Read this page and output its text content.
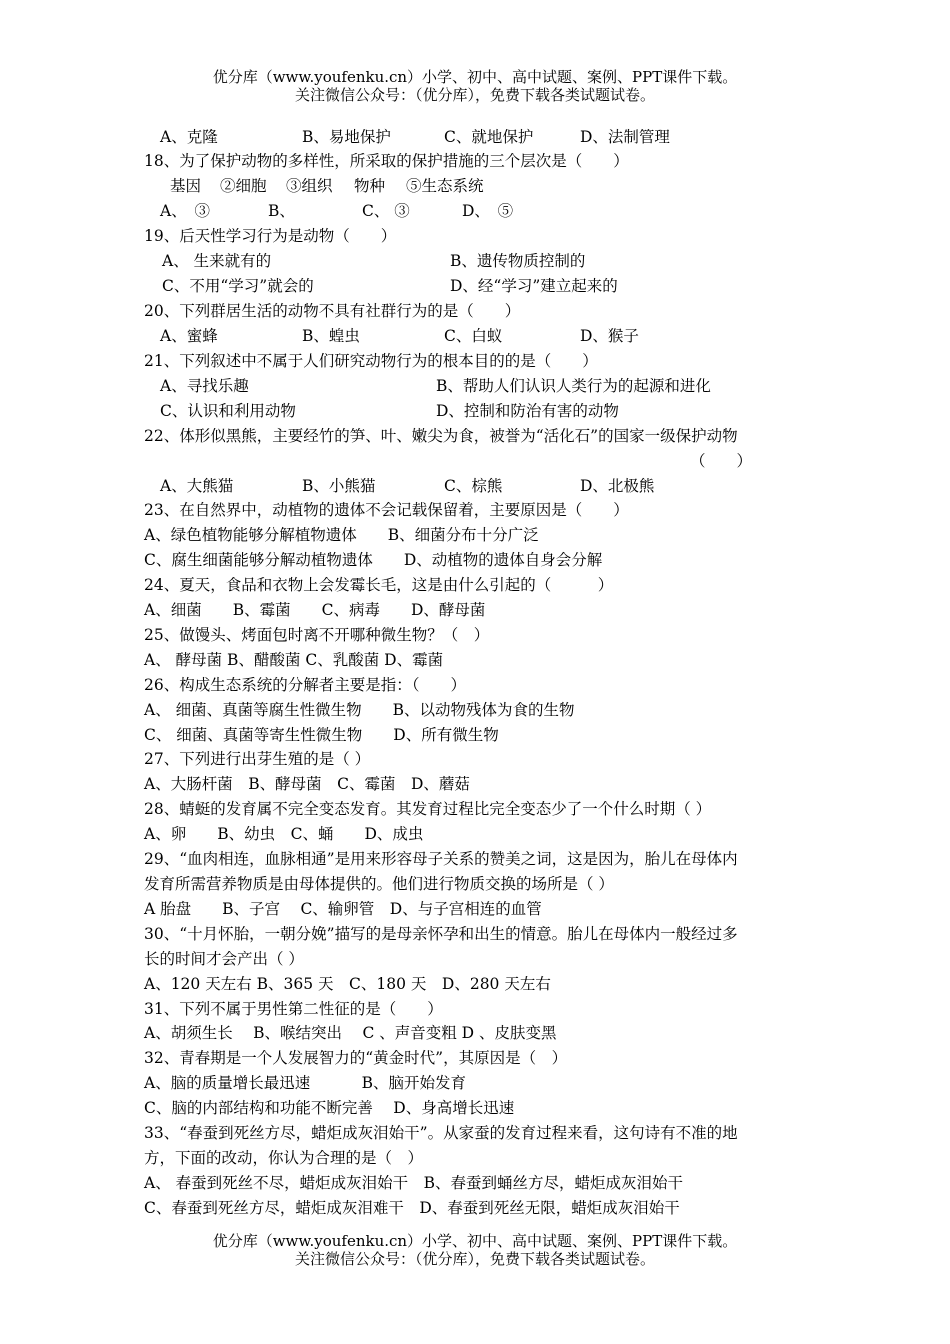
优分库（www.youfenku.cn）小学、初中、高中试题、案例、PPT课件下载。
关注微信公众号：（优分库），免费下载各类试题试卷。
A、克隆	B、易地保护	C、就地保护	D、法制管理
18、为了保护动物的多样性，所采取的保护措施的三个层次是（　　）
基因 ②细胞 ③组织 物种 ⑤生态系统
A、　③	B、	C、 ③	D、　⑤
19、后天性学习行为是动物（　　）
A、 生来就有的	B、遗传物质控制的
C、不用“学习”就会的	D、经“学习”建立起来的
20、下列群居生活的动物不具有社群行为的是（　　）
A、蜜蜂	B、蝗虫	C、白蚁	D、猴子
21、下列叙述中不属于人们研究动物行为的根本目的的是（　　）
A、寻找乐趣	B、帮助人们认识人类行为的起源和进化
C、认识和利用动物	D、控制和防治有害的动物
22、体形似黑熊，主要经竹的笋、叶、嫩尖为食，被誉为“活化石”的国家一级保护动物
（　　）
A、大熊猫	B、小熊猫	C、棕熊	D、北极熊
23、在自然界中，动植物的遗体不会记载保留着，主要原因是（　　）
A、绿色植物能够分解植物遗体　　B、细菌分布十分广泛
C、腐生细菌能够分解动植物遗体　　D、动植物的遗体自身会分解
24、夏天，食品和衣物上会发霉长毛，这是由什么引起的（　　　）
A、细菌　　B、霉菌　　C、病毒　　D、酵母菌
25、做馒头、烤面包时离不开哪种微生物？（　）
A、 酵母菌 B、醋酸菌 C、乳酸菌 D、霉菌
26、构成生态系统的分解者主要是指：（　　）
A、 细菌、真菌等腐生性微生物　　B、以动物残体为食的生物
C、 细菌、真菌等寄生性微生物　　D、所有微生物
27、下列进行出芽生殖的是（ ）
A、大肠杆菌　B、酵母菌　C、霉菌　D、蘑菇
28、蜻蜓的发育属不完全变态发育。其发育过程比完全变态少了一个什么时期（ ）
A、卵　　B、幼虫　C、蛹　　D、成虫
29、“血肉相连，血脉相通”是用来形容母子关系的赞美之词，这是因为，胎儿在母体内
发育所需营养物质是由母体提供的。他们进行物质交换的场所是（ ）
A 胎盘　　B、子宫　 C、输卵管　D、与子宫相连的血管
30、“十月怀胎，一朝分娩”描写的是母亲怀孕和出生的情意。胎儿在母体内一般经过多
长的时间才会产出（ ）
A、120 天左右 B、365 天　C、180 天　D、280 天左右
31、下列不属于男性第二性征的是（　　）
A、胡须生长　 B、喉结突出　 C 、声音变粗 D 、皮肤变黑
32、青春期是一个人发展智力的“黄金时代”，其原因是（　）
A、脑的质量增长最迅速　　　 B、脑开始发育
C、脑的内部结构和功能不断完善　 D、身高增长迅速
33、“春蚕到死丝方尽，蜡炬成灰泪始干”。从家蚕的发育过程来看，这句诗有不准的地
方，下面的改动，你认为合理的是（　）
A、 春蚕到死丝不尽，蜡炬成灰泪始干　B、春蚕到蛹丝方尽，蜡炬成灰泪始干
C、春蚕到死丝方尽，蜡炬成灰泪难干　D、春蚕到死丝无限，蜡炬成灰泪始干
优分库（www.youfenku.cn）小学、初中、高中试题、案例、PPT课件下载。
关注微信公众号：（优分库），免费下载各类试题试卷。
